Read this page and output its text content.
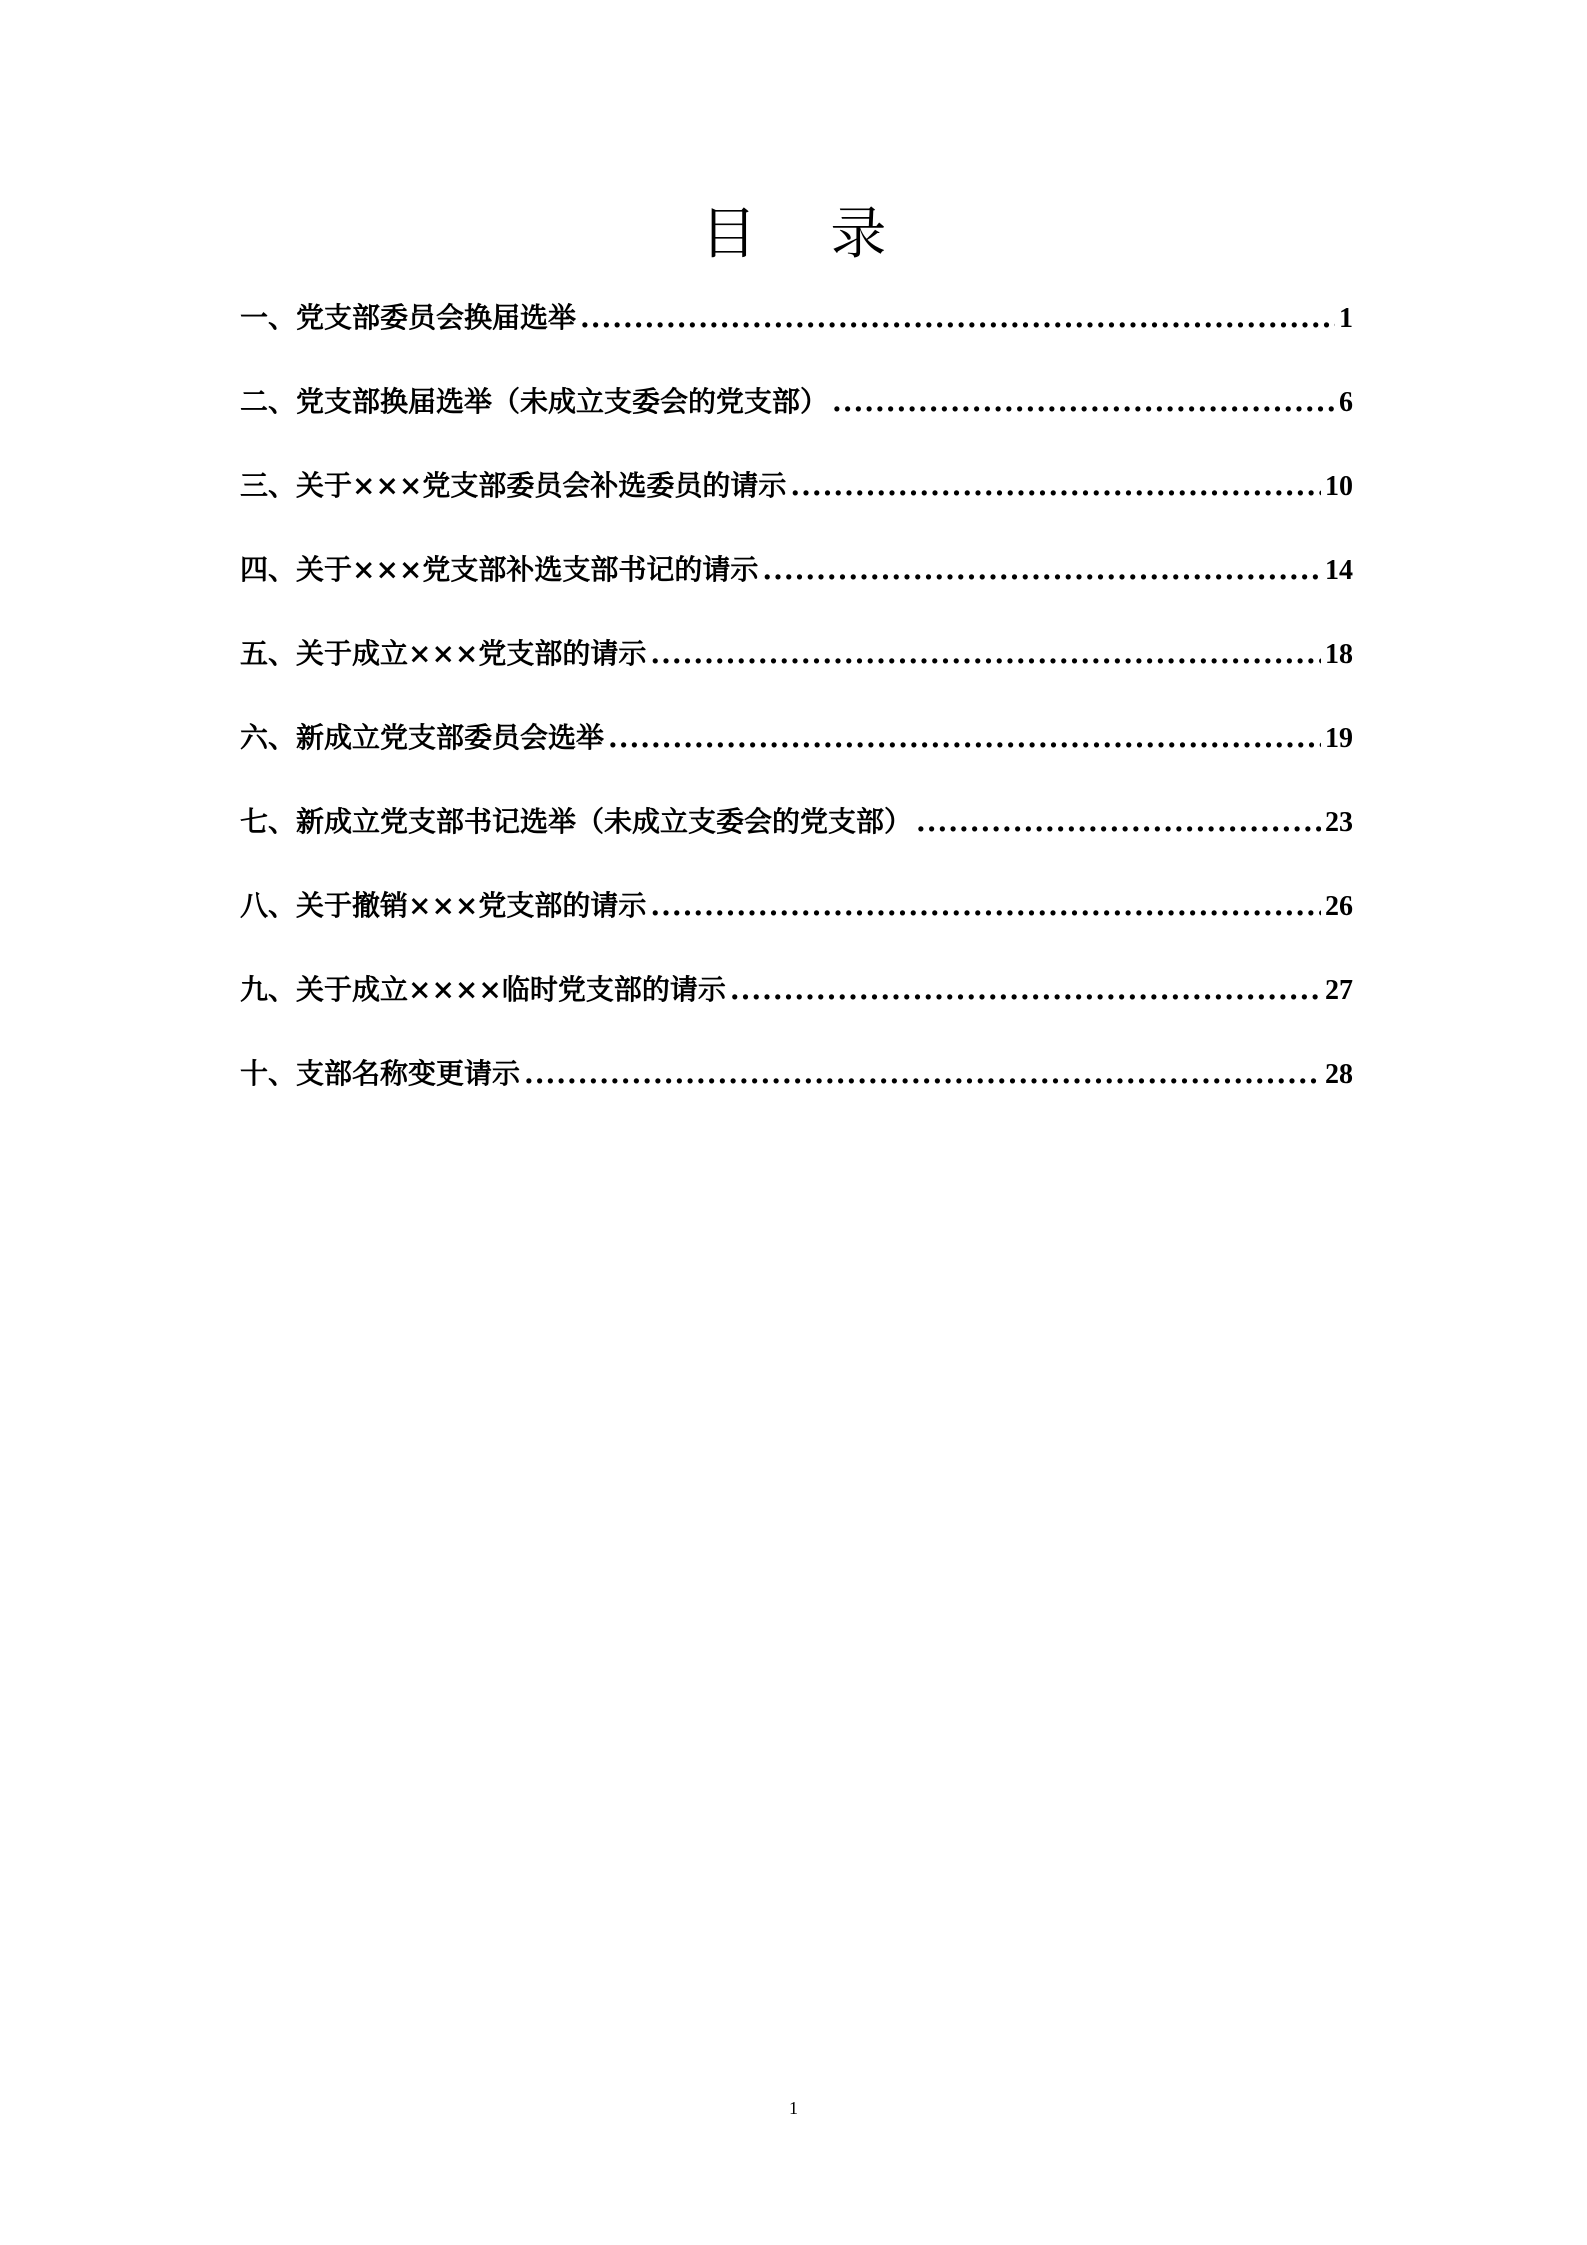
目 录
一、党支部委员会换届选举 .....	1
二、党支部换届选举（未成立支委会的党支部） .....	6
三、关于×××党支部委员会补选委员的请示 .....	10
四、关于×××党支部补选支部书记的请示 .....	14
五、关于成立×××党支部的请示 .....	18
六、新成立党支部委员会选举 .....	19
七、新成立党支部书记选举（未成立支委会的党支部） .....	23
八、关于撤销×××党支部的请示 .....	26
九、关于成立××××临时党支部的请示 .....	27
十、支部名称变更请示 .....	28
1
